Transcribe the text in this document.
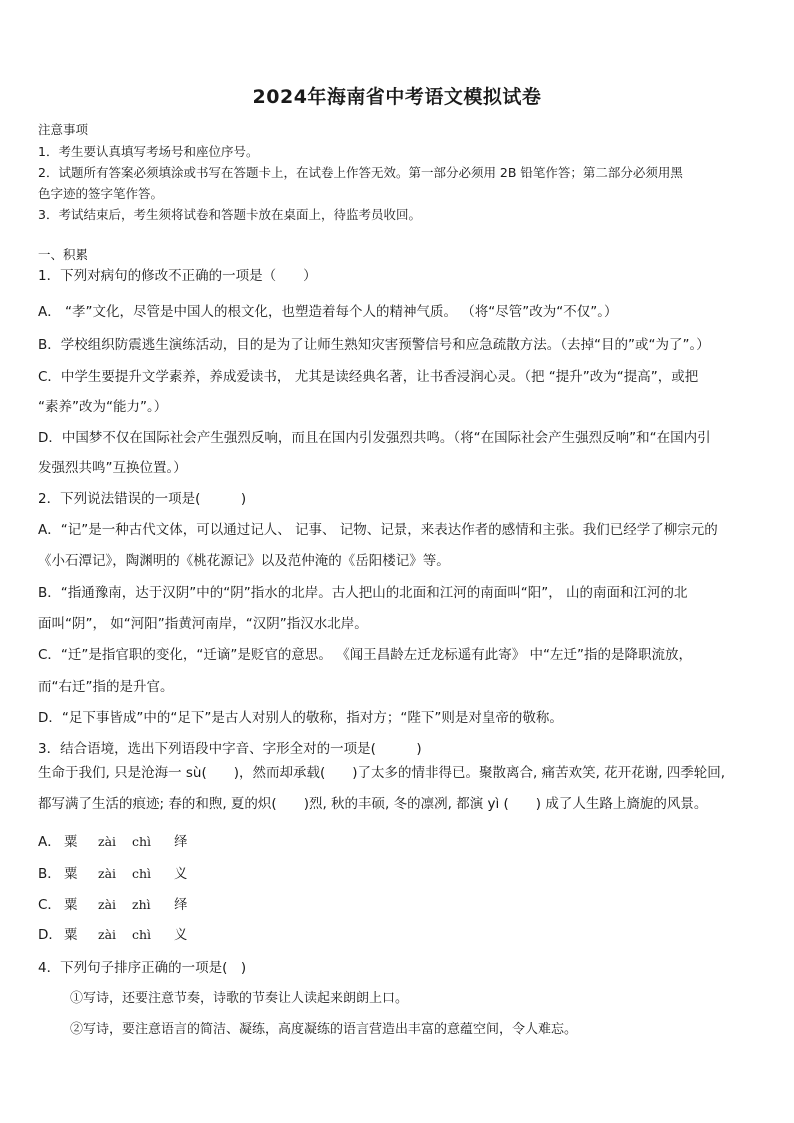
2024年海南省中考语文模拟试卷
注意事项
1．考生要认真填写考场号和座位序号。
2．试题所有答案必须填涂或书写在答题卡上，在试卷上作答无效。第一部分必须用 2B 铅笔作答；第二部分必须用黑
色字迹的签字笔作答。
3．考试结束后，考生须将试卷和答题卡放在桌面上，待监考员收回。
一、积累
1．下列对病句的修改不正确的一项是（　　）
A． “孝”文化，尽管是中国人的根文化，也塑造着每个人的精神气质。 （将“尽管”改为“不仅”。）
B．学校组织防震逃生演练活动，目的是为了让师生熟知灾害预警信号和应急疏散方法。（去掉“目的”或“为了”。）
C．中学生要提升文学素养，养成爱读书， 尤其是读经典名著，让书香浸润心灵。（把 “提升”改为“提高”，或把
“素养”改为“能力”。）
D．中国梦不仅在国际社会产生强烈反响，而且在国内引发强烈共鸣。（将“在国际社会产生强烈反响”和“在国内引
发强烈共鸣”互换位置。）
2．下列说法错误的一项是(　　　)
A．“记”是一种古代文体，可以通过记人、 记事、 记物、记景，来表达作者的感情和主张。我们已经学了柳宗元的
《小石潭记》，陶渊明的《桃花源记》以及范仲淹的《岳阳楼记》等。
B．“指通豫南，达于汉阴”中的“阴”指水的北岸。古人把山的北面和江河的南面叫“阳”， 山的南面和江河的北
面叫“阴”， 如“河阳”指黄河南岸，“汉阴”指汉水北岸。
C．“迁”是指官职的变化，“迁谪”是贬官的意思。 《闻王昌龄左迁龙标遥有此寄》 中“左迁”指的是降职流放，
而“右迁”指的是升官。
D．“足下事皆成”中的“足下”是古人对别人的敬称，指对方；“陛下”则是对皇帝的敬称。
3．结合语境，选出下列语段中字音、字形全对的一项是(　　　)
生命于我们, 只是沧海一 sù(　　)，然而却承载(　　)了太多的情非得已。聚散离合, 痛苦欢笑, 花开花谢, 四季轮回,
都写满了生活的痕迹; 春的和煦, 夏的炽(　　)烈, 秋的丰硕, 冬的凛冽, 都演 yì (　　) 成了人生路上旖旎的风景。
A． 粟 zài chì 绎
B． 粟 zài chì 义
C． 粟 zài zhì 绎
D． 粟 zài chì 义
4．下列句子排序正确的一项是(　)
①写诗，还要注意节奏，诗歌的节奏让人读起来朗朗上口。
②写诗，要注意语言的简洁、凝练，高度凝练的语言营造出丰富的意蕴空间，令人难忘。
